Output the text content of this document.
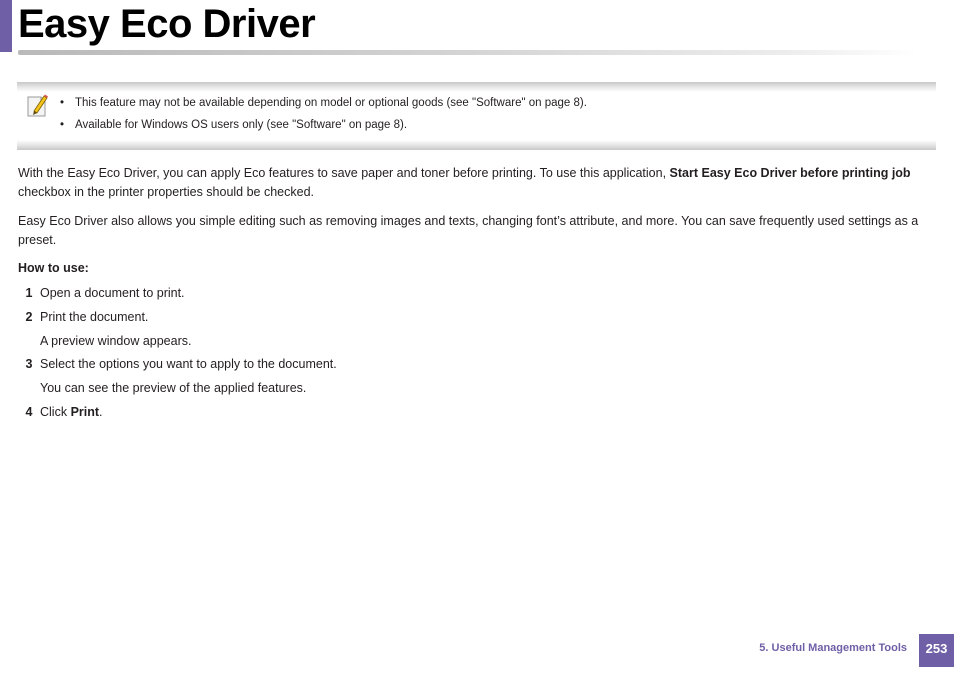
Easy Eco Driver
• This feature may not be available depending on model or optional goods (see "Software" on page 8).
• Available for Windows OS users only (see "Software" on page 8).

With the Easy Eco Driver, you can apply Eco features to save paper and toner before printing. To use this application, Start Easy Eco Driver before printing job checkbox in the printer properties should be checked.

Easy Eco Driver also allows you simple editing such as removing images and texts, changing font’s attribute, and more. You can save frequently used settings as a preset.

How to use:

1 Open a document to print.
2 Print the document.
A preview window appears.
3 Select the options you want to apply to the document.
You can see the preview of the applied features.
4 Click Print.
5. Useful Management Tools	253
